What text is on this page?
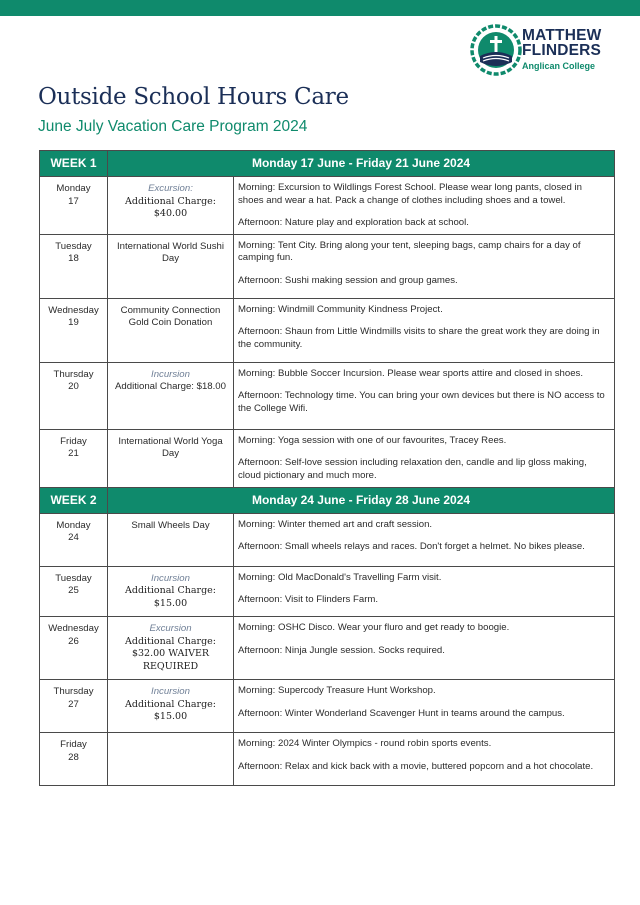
MATTHEW
FLINDERS
Anglican College
Outside School Hours Care
June July Vacation Care Program 2024
WEEK 1	Monday 17 June - Friday 21 June 2024	

Monday
17	Excursion:
Additional Charge: $40.00	Morning: Excursion to Wildlings Forest School. Please wear long pants, closed in shoes and wear a hat. Pack a change of clothes including shoes and a towel.
Afternoon: Nature play and exploration back at school.

Tuesday
18	International World Sushi Day	Morning: Tent City. Bring along your tent, sleeping bags, camp chairs for a day of camping fun.
Afternoon: Sushi making session and group games.

Wednesday
19	Community Connection Gold Coin Donation	Morning: Windmill Community Kindness Project.
Afternoon: Shaun from Little Windmills visits to share the great work they are doing in the community.

Thursday
20	Incursion
Additional Charge: $18.00	Morning: Bubble Soccer Incursion. Please wear sports attire and closed in shoes.
Afternoon: Technology time. You can bring your own devices but there is NO access to the College Wifi.

Friday
21	International World Yoga Day	Morning: Yoga session with one of our favourites, Tracey Rees.
Afternoon: Self-love session including relaxation den, candle and lip gloss making, cloud pictionary and much more.

WEEK 2	Monday 24 June - Friday 28 June 2024	

Monday
24	Small Wheels Day	Morning: Winter themed art and craft session.
Afternoon: Small wheels relays and races. Don't forget a helmet. No bikes please.

Tuesday
25	Incursion
Additional Charge: $15.00	Morning: Old MacDonald's Travelling Farm visit.
Afternoon: Visit to Flinders Farm.

Wednesday
26	Excursion
Additional Charge: $32.00 WAIVER REQUIRED	Morning: OSHC Disco. Wear your fluro and get ready to boogie.
Afternoon: Ninja Jungle session. Socks required.

Thursday
27	Incursion
Additional Charge: $15.00	Morning: Supercody Treasure Hunt Workshop.
Afternoon: Winter Wonderland Scavenger Hunt in teams around the campus.

Friday
28		Morning: 2024 Winter Olympics - round robin sports events.
Afternoon: Relax and kick back with a movie, buttered popcorn and a hot chocolate.
